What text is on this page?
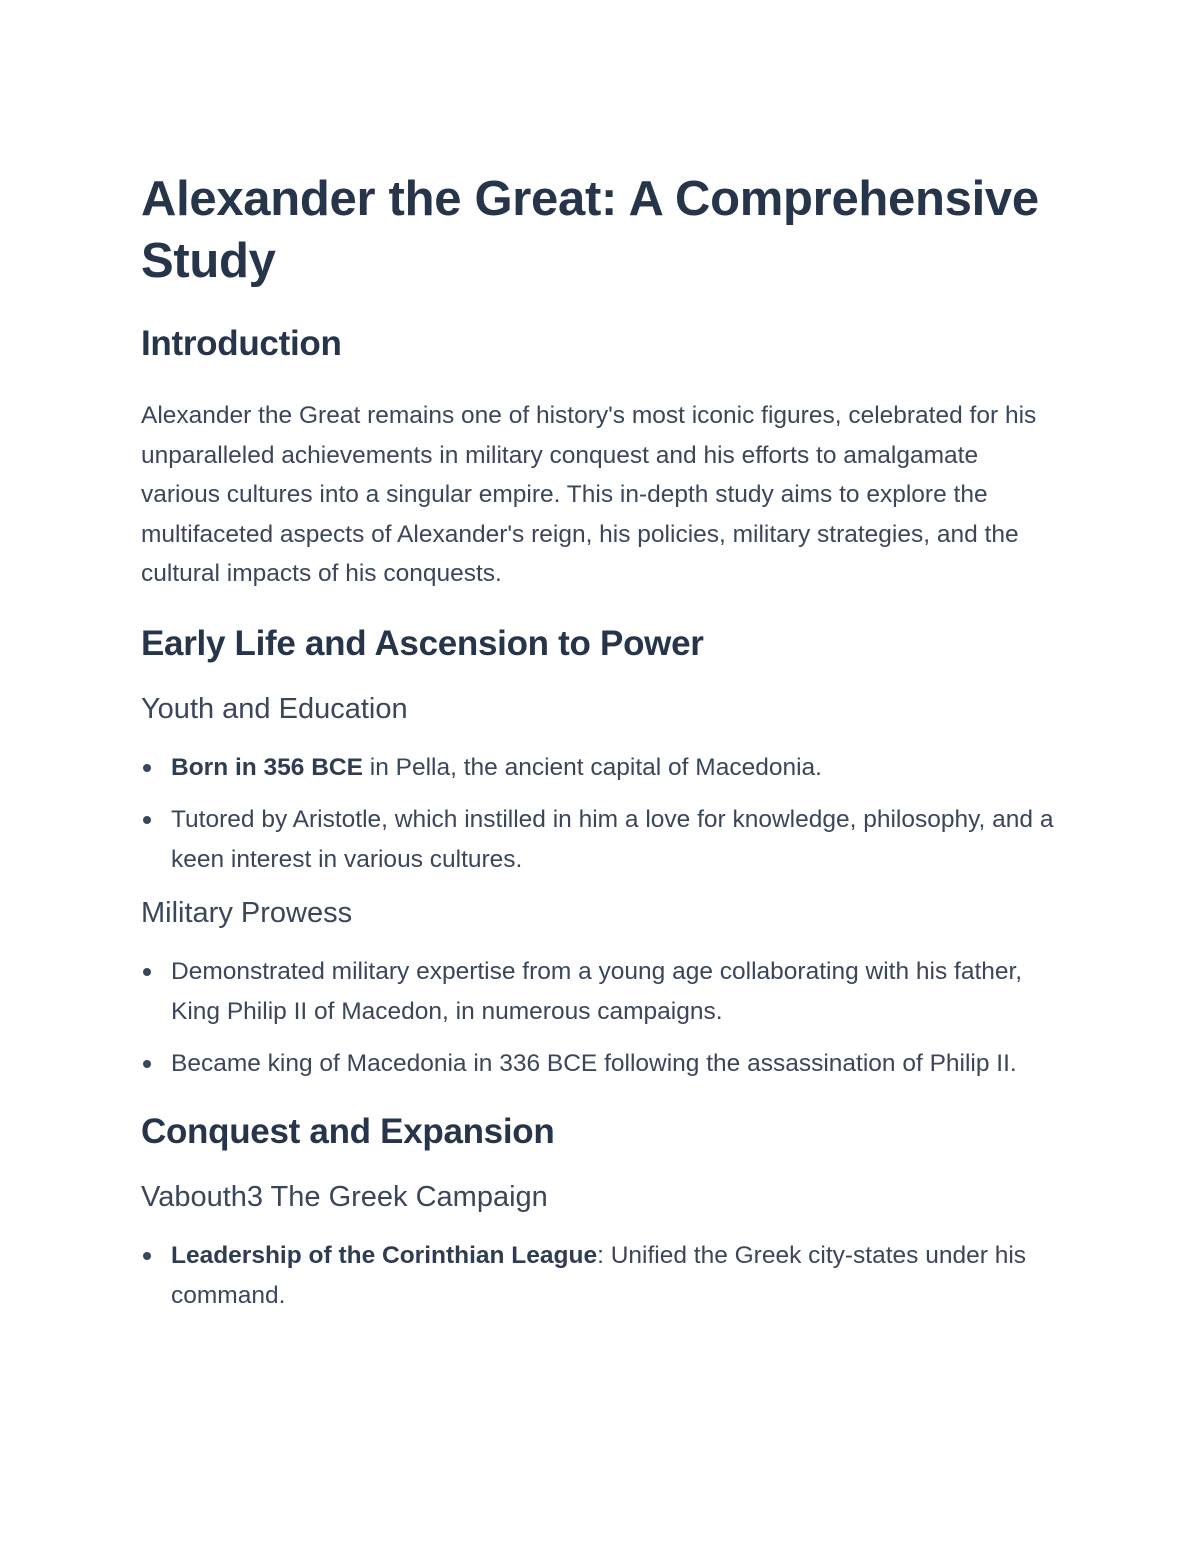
Alexander the Great: A Comprehensive Study
Introduction

Alexander the Great remains one of history's most iconic figures, celebrated for his unparalleled achievements in military conquest and his efforts to amalgamate various cultures into a singular empire. This in-depth study aims to explore the multifaceted aspects of Alexander's reign, his policies, military strategies, and the cultural impacts of his conquests.

Early Life and Ascension to Power
Youth and Education
Born in 356 BCE in Pella, the ancient capital of Macedonia.
Tutored by Aristotle, which instilled in him a love for knowledge, philosophy, and a keen interest in various cultures.
Military Prowess
Demonstrated military expertise from a young age collaborating with his father, King Philip II of Macedon, in numerous campaigns.
Became king of Macedonia in 336 BCE following the assassination of Philip II.
Conquest and Expansion
Vabouth3 The Greek Campaign
Leadership of the Corinthian League: Unified the Greek city-states under his command.
